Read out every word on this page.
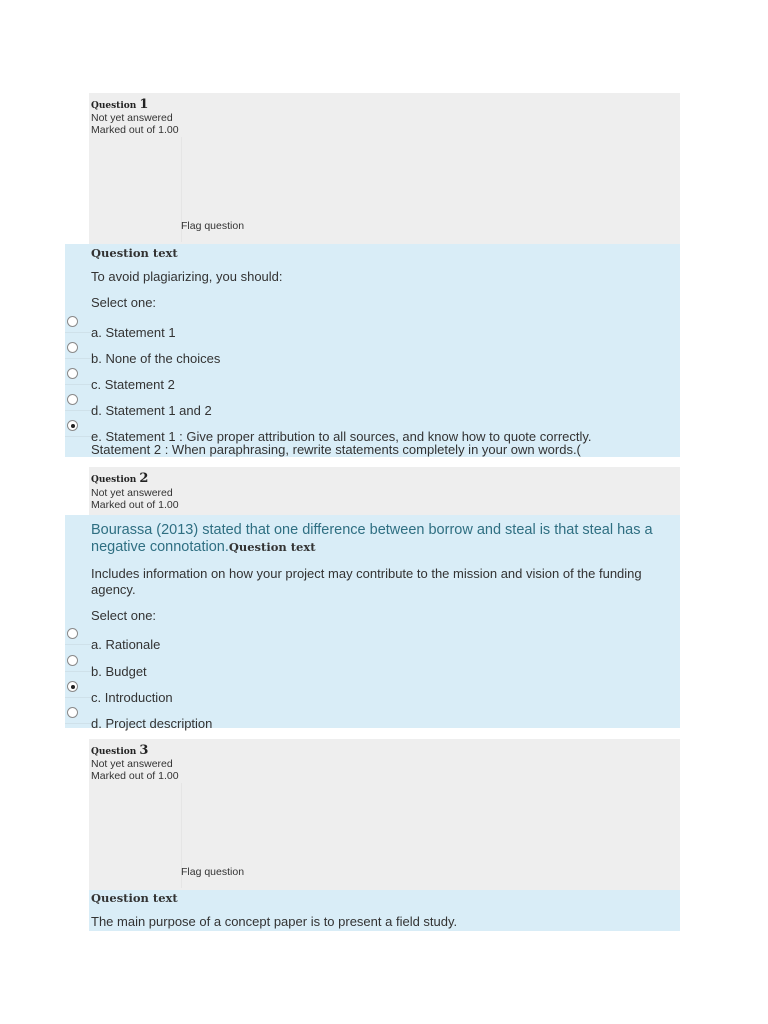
Question 1
Not yet answered
Marked out of 1.00
Flag question
Question text
To avoid plagiarizing, you should:
Select one:
a. Statement 1
b. None of the choices
c. Statement 2
d. Statement 1 and 2
e. Statement 1 : Give proper attribution to all sources, and know how to quote correctly.
Statement 2 : When paraphrasing, rewrite statements completely in your own words.(
Question 2
Not yet answered
Marked out of 1.00
Bourassa (2013) stated that one difference between borrow and steal is that steal has a negative connotation.Question text
Includes information on how your project may contribute to the mission and vision of the funding agency.
Select one:
a. Rationale
b. Budget
c. Introduction
d. Project description
Question 3
Not yet answered
Marked out of 1.00
Flag question
Question text
The main purpose of a concept paper is to present a field study.
